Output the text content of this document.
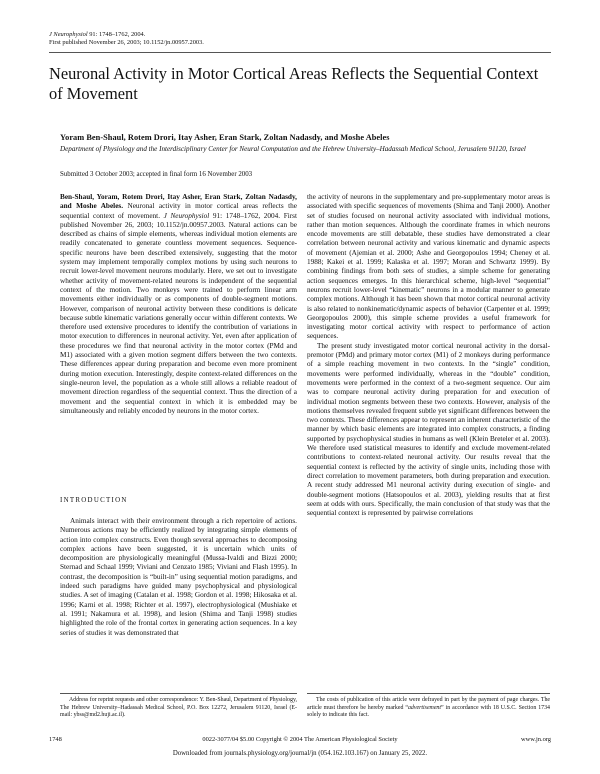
J Neurophysiol 91: 1748–1762, 2004.
First published November 26, 2003; 10.1152/jn.00957.2003.
Neuronal Activity in Motor Cortical Areas Reflects the Sequential Context of Movement
Yoram Ben-Shaul, Rotem Drori, Itay Asher, Eran Stark, Zoltan Nadasdy, and Moshe Abeles
Department of Physiology and the Interdisciplinary Center for Neural Computation and the Hebrew University–Hadassah Medical School, Jerusalem 91120, Israel
Submitted 3 October 2003; accepted in final form 16 November 2003

Ben-Shaul, Yoram, Rotem Drori, Itay Asher, Eran Stark, Zoltan Nadasdy, and Moshe Abeles. Neuronal activity in motor cortical areas reflects the sequential context of movement. J Neurophysiol 91: 1748–1762, 2004. First published November 26, 2003; 10.1152/jn.00957.2003. Natural actions can be described as chains of simple elements, whereas individual motion elements are readily concatenated to generate countless movement sequences. Sequence-specific neurons have been described extensively, suggesting that the motor system may implement temporally complex motions by using such neurons to recruit lower-level movement neurons modularly. Here, we set out to investigate whether activity of movement-related neurons is independent of the sequential context of the motion. Two monkeys were trained to perform linear arm movements either individually or as components of double-segment motions. However, comparison of neuronal activity between these conditions is delicate because subtle kinematic variations generally occur within different contexts. We therefore used extensive procedures to identify the contribution of variations in motor execution to differences in neuronal activity. Yet, even after application of these procedures we find that neuronal activity in the motor cortex (PMd and M1) associated with a given motion segment differs between the two contexts. These differences appear during preparation and become even more prominent during motion execution. Interestingly, despite context-related differences on the single-neuron level, the population as a whole still allows a reliable readout of movement direction regardless of the sequential context. Thus the direction of a movement and the sequential context in which it is embedded may be simultaneously and reliably encoded by neurons in the motor cortex.

INTRODUCTION

Animals interact with their environment through a rich repertoire of actions. Numerous actions may be efficiently realized by integrating simple elements of action into complex constructs. Even though several approaches to decomposing complex actions have been suggested, it is uncertain which units of decomposition are physiologically meaningful (Mussa-Ivaldi and Bizzi 2000; Sternad and Schaal 1999; Viviani and Cenzato 1985; Viviani and Flash 1995). In contrast, the decomposition is “built-in” using sequential motion paradigms, and indeed such paradigms have guided many psychophysical and physiological studies. A set of imaging (Catalan et al. 1998; Gordon et al. 1998; Hikosaka et al. 1996; Karni et al. 1998; Richter et al. 1997), electrophysiological (Mushiake et al. 1991; Nakamura et al. 1998), and lesion (Shima and Tanji 1998) studies highlighted the role of the frontal cortex in generating action sequences. In a key series of studies it was demonstrated that

the activity of neurons in the supplementary and pre-supplementary motor areas is associated with specific sequences of movements (Shima and Tanji 2000). Another set of studies focused on neuronal activity associated with individual motions, rather than motion sequences. Although the coordinate frames in which neurons encode movements are still debatable, these studies have demonstrated a clear correlation between neuronal activity and various kinematic and dynamic aspects of movement (Ajemian et al. 2000; Ashe and Georgopoulos 1994; Cheney et al. 1988; Kakei et al. 1999; Kalaska et al. 1997; Moran and Schwartz 1999). By combining findings from both sets of studies, a simple scheme for generating action sequences emerges. In this hierarchical scheme, high-level “sequential” neurons recruit lower-level “kinematic” neurons in a modular manner to generate complex motions. Although it has been shown that motor cortical neuronal activity is also related to nonkinematic/dynamic aspects of behavior (Carpenter et al. 1999; Georgopoulos 2000), this simple scheme provides a useful framework for investigating motor cortical activity with respect to performance of action sequences.

The present study investigated motor cortical neuronal activity in the dorsal-premotor (PMd) and primary motor cortex (M1) of 2 monkeys during performance of a simple reaching movement in two contexts. In the “single” condition, movements were performed individually, whereas in the “double” condition, movements were performed in the context of a two-segment sequence. Our aim was to compare neuronal activity during preparation for and execution of individual motion segments between these two contexts. However, analysis of the motions themselves revealed frequent subtle yet significant differences between the two contexts. These differences appear to represent an inherent characteristic of the manner by which basic elements are integrated into complex constructs, a finding supported by psychophysical studies in humans as well (Klein Breteler et al. 2003). We therefore used statistical measures to identify and exclude movement-related contributions to context-related neuronal activity. Our results reveal that the sequential context is reflected by the activity of single units, including those with direct correlation to movement parameters, both during preparation and execution. A recent study addressed M1 neuronal activity during execution of single- and double-segment motions (Hatsopoulos et al. 2003), yielding results that at first seem at odds with ours. Specifically, the main conclusion of that study was that the sequential context is represented by pairwise correlations

Address for reprint requests and other correspondence: Y. Ben-Shaul, Department of Physiology, The Hebrew University–Hadassah Medical School, P.O. Box 12272, Jerusalem 91120, Israel (E-mail: ybss@md2.huji.ac.il).
The costs of publication of this article were defrayed in part by the payment of page charges. The article must therefore be hereby marked “advertisement” in accordance with 18 U.S.C. Section 1734 solely to indicate this fact.
1748	0022-3077/04 $5.00 Copyright © 2004 The American Physiological Society	www.jn.org
Downloaded from journals.physiology.org/journal/jn (054.162.103.167) on January 25, 2022.
